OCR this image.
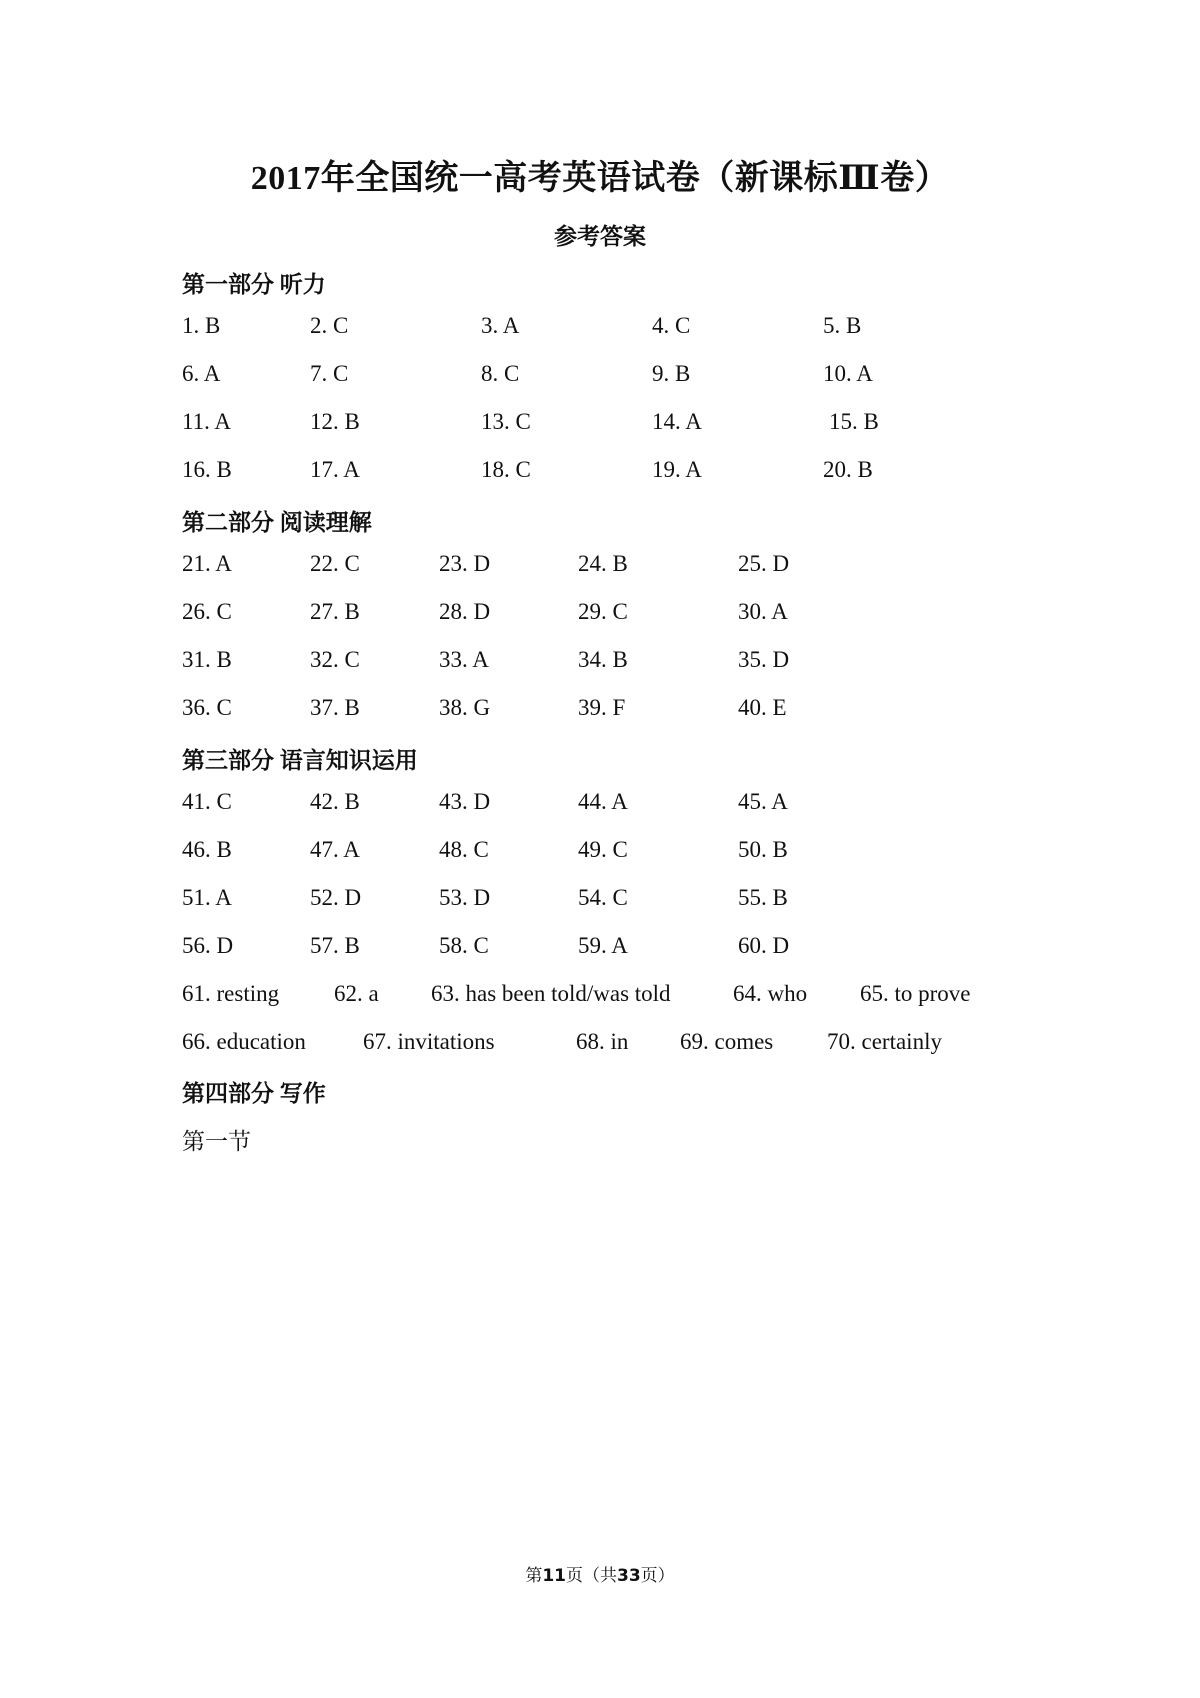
2017年全国统一高考英语试卷（新课标Ⅲ卷）
参考答案
第一部分 听力
1. B	2. C	3. A	4. C	5. B
6. A	7. C	8. C	9. B	10. A
11. A	12. B	13. C	14. A	15. B
16. B	17. A	18. C	19. A	20. B
第二部分 阅读理解
21. A	22. C	23. D	24. B	25. D
26. C	27. B	28. D	29. C	30. A
31. B	32. C	33. A	34. B	35. D
36. C	37. B	38. G	39. F	40. E
第三部分 语言知识运用
41. C	42. B	43. D	44. A	45. A
46. B	47. A	48. C	49. C	50. B
51. A	52. D	53. D	54. C	55. B
56. D	57. B	58. C	59. A	60. D
61. resting 62. a 63. has been told/was told	64. who 65. to prove
66. education 67. invitations	68. in 69. comes 70. certainly
第四部分 写作
第一节
第11页（共33页）
